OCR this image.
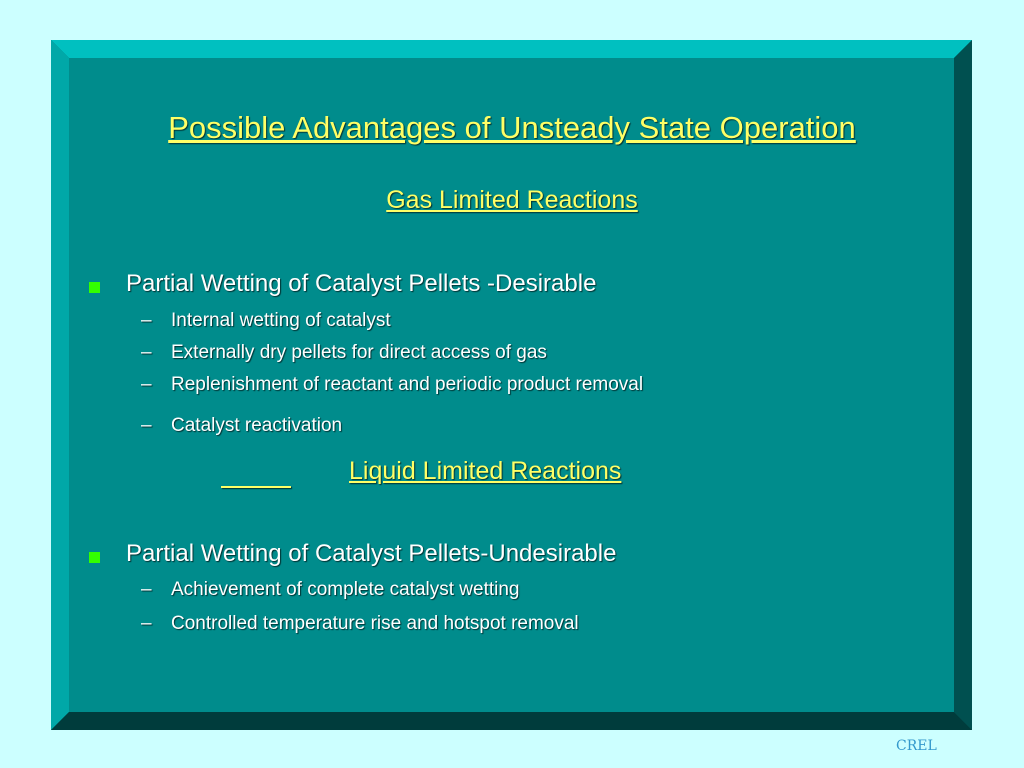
Possible Advantages of Unsteady State Operation
Gas Limited Reactions
Partial Wetting of Catalyst Pellets -Desirable
– Internal wetting of catalyst
– Externally dry pellets for direct access of gas
– Replenishment of reactant and periodic product removal
– Catalyst reactivation
Liquid Limited Reactions
Partial Wetting of Catalyst Pellets-Undesirable
– Achievement of complete catalyst wetting
– Controlled temperature rise and hotspot removal
CREL
